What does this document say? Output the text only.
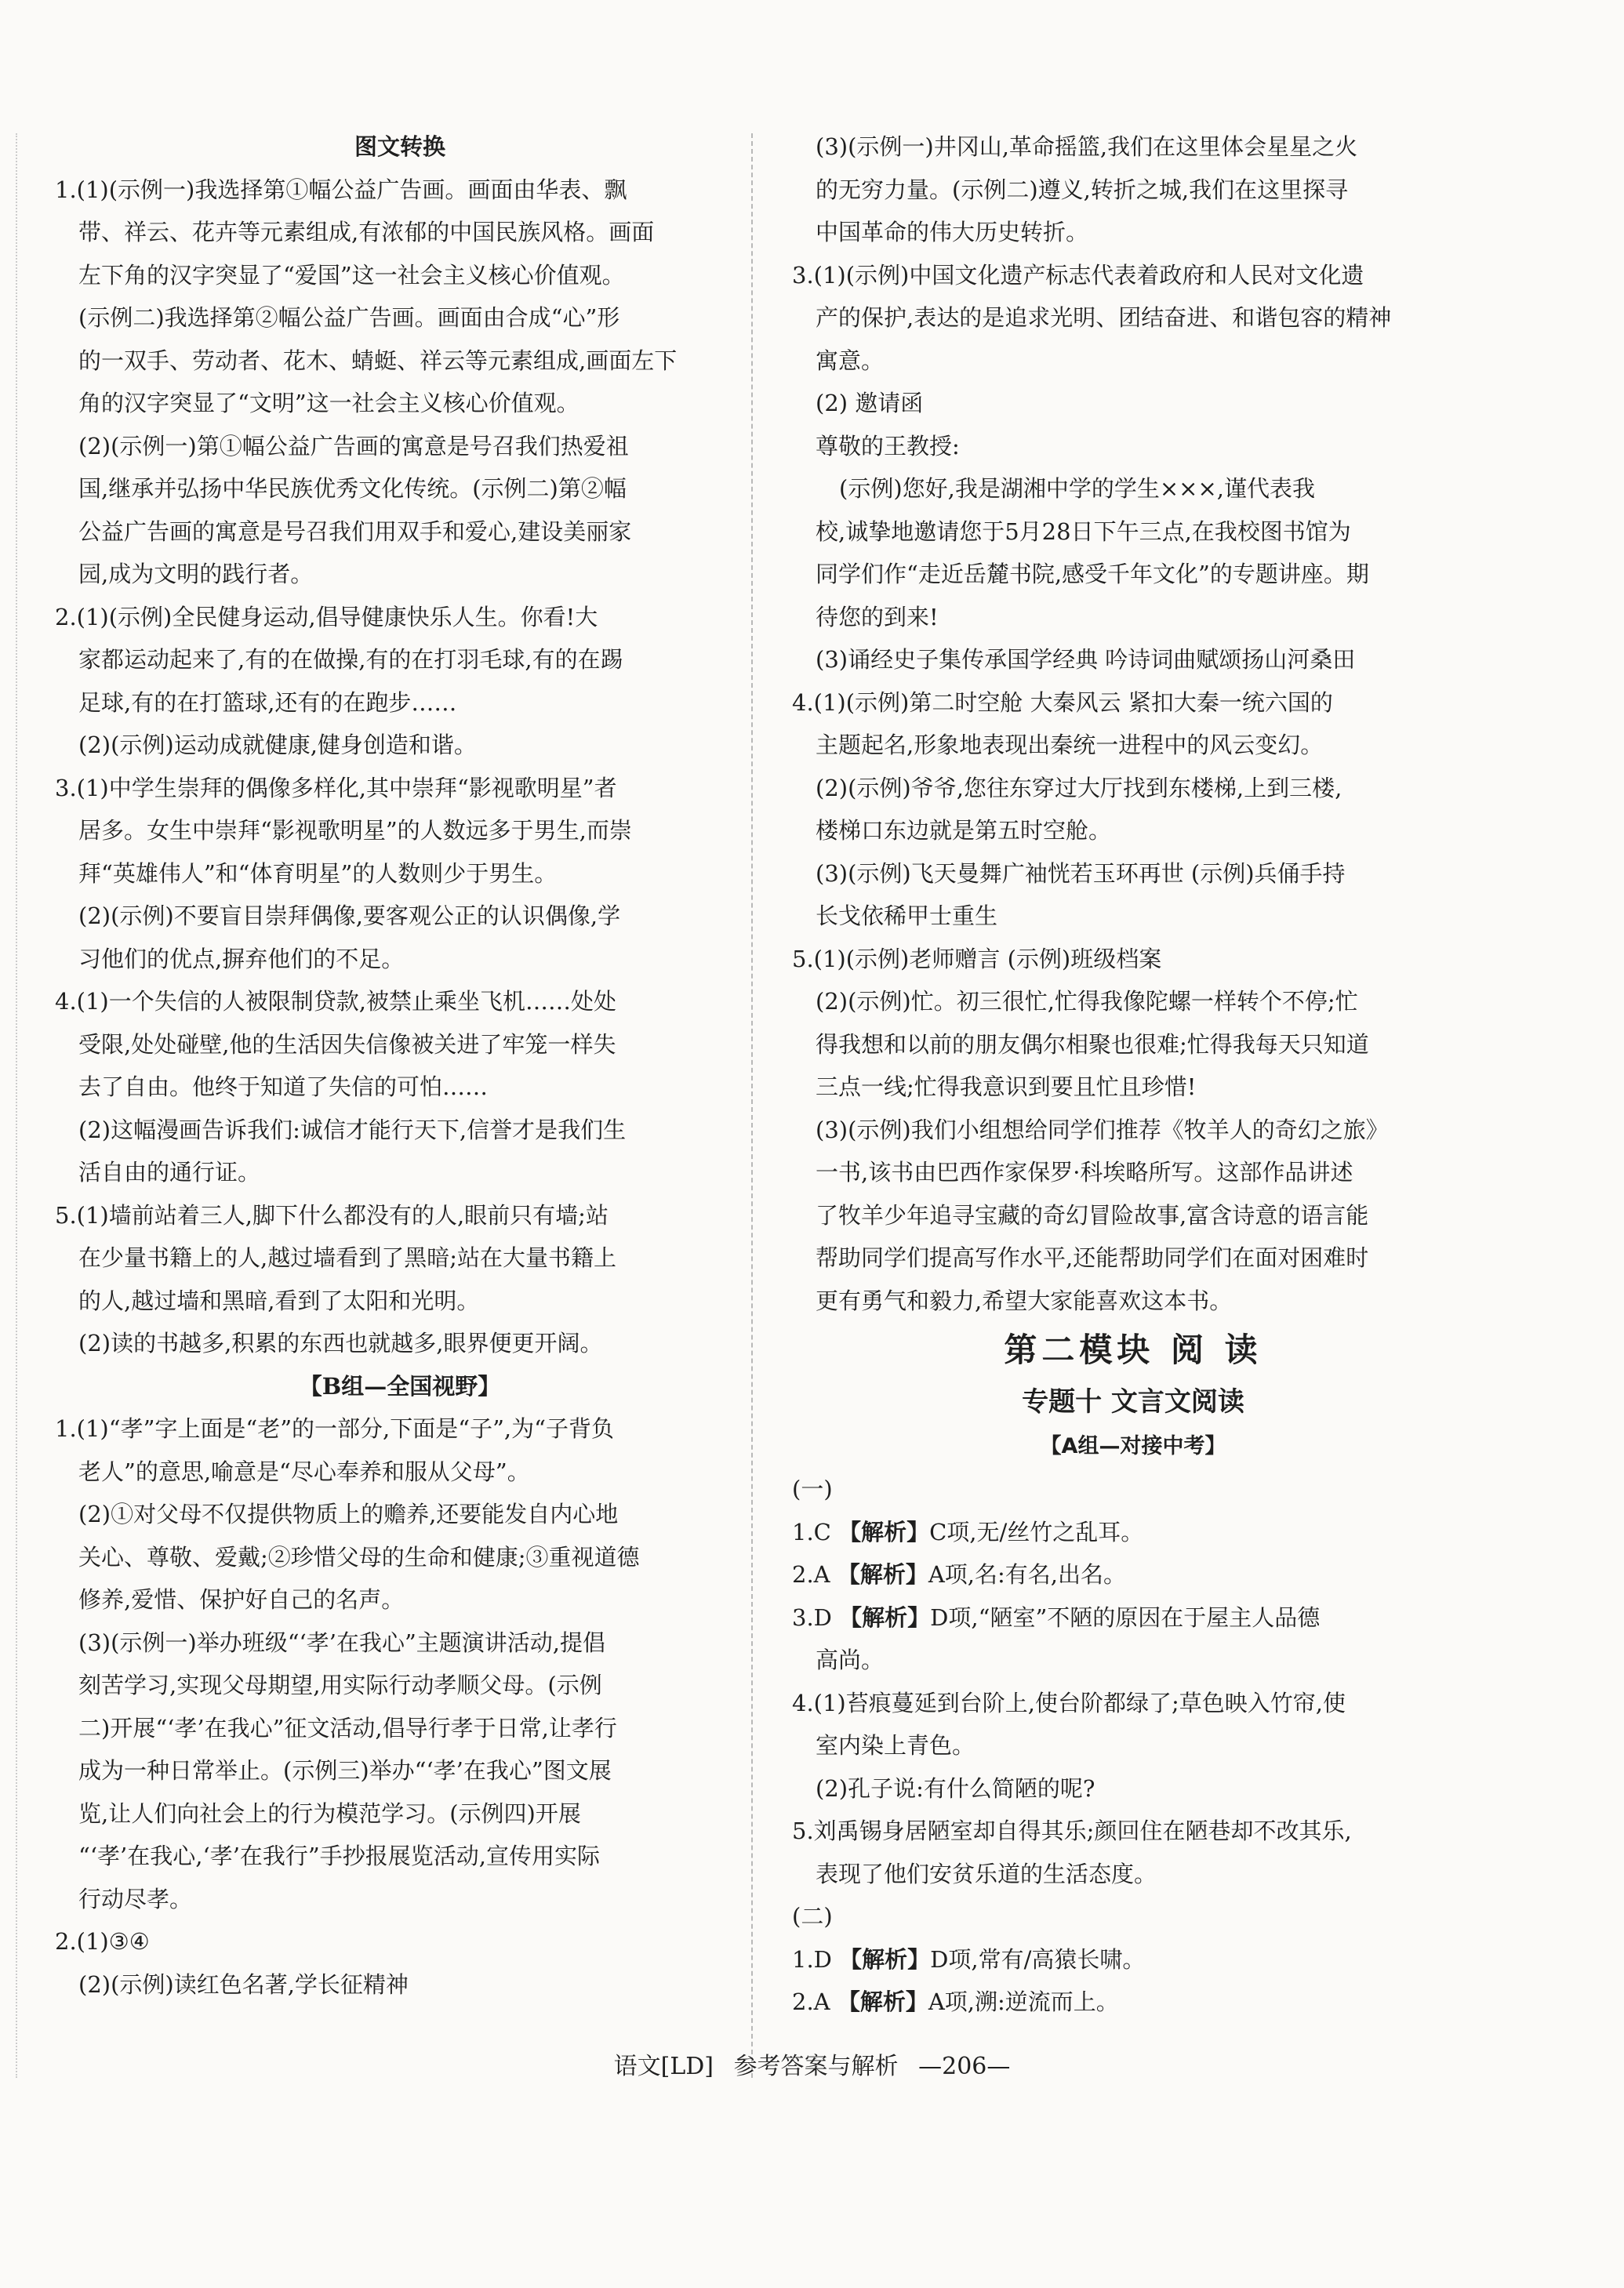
图文转换
1.(1)(示例一)我选择第①幅公益广告画。画面由华表、飘
带、祥云、花卉等元素组成,有浓郁的中国民族风格。画面
左下角的汉字突显了“爱国”这一社会主义核心价值观。
(示例二)我选择第②幅公益广告画。画面由合成“心”形
的一双手、劳动者、花木、蜻蜓、祥云等元素组成,画面左下
角的汉字突显了“文明”这一社会主义核心价值观。
(2)(示例一)第①幅公益广告画的寓意是号召我们热爱祖
国,继承并弘扬中华民族优秀文化传统。(示例二)第②幅
公益广告画的寓意是号召我们用双手和爱心,建设美丽家
园,成为文明的践行者。
2.(1)(示例)全民健身运动,倡导健康快乐人生。你看!大
家都运动起来了,有的在做操,有的在打羽毛球,有的在踢
足球,有的在打篮球,还有的在跑步……
(2)(示例)运动成就健康,健身创造和谐。
3.(1)中学生崇拜的偶像多样化,其中崇拜“影视歌明星”者
居多。女生中崇拜“影视歌明星”的人数远多于男生,而崇
拜“英雄伟人”和“体育明星”的人数则少于男生。
(2)(示例)不要盲目崇拜偶像,要客观公正的认识偶像,学
习他们的优点,摒弃他们的不足。
4.(1)一个失信的人被限制贷款,被禁止乘坐飞机……处处
受限,处处碰壁,他的生活因失信像被关进了牢笼一样失
去了自由。他终于知道了失信的可怕……
(2)这幅漫画告诉我们:诚信才能行天下,信誉才是我们生
活自由的通行证。
5.(1)墙前站着三人,脚下什么都没有的人,眼前只有墙;站
在少量书籍上的人,越过墙看到了黑暗;站在大量书籍上
的人,越过墙和黑暗,看到了太阳和光明。
(2)读的书越多,积累的东西也就越多,眼界便更开阔。
【B组—全国视野】
1.(1)“孝”字上面是“老”的一部分,下面是“子”,为“子背负
老人”的意思,喻意是“尽心奉养和服从父母”。
(2)①对父母不仅提供物质上的赡养,还要能发自内心地
关心、尊敬、爱戴;②珍惜父母的生命和健康;③重视道德
修养,爱惜、保护好自己的名声。
(3)(示例一)举办班级“‘孝’在我心”主题演讲活动,提倡
刻苦学习,实现父母期望,用实际行动孝顺父母。(示例
二)开展“‘孝’在我心”征文活动,倡导行孝于日常,让孝行
成为一种日常举止。(示例三)举办“‘孝’在我心”图文展
览,让人们向社会上的行为模范学习。(示例四)开展
“‘孝’在我心,‘孝’在我行”手抄报展览活动,宣传用实际
行动尽孝。
2.(1)③④
(2)(示例)读红色名著,学长征精神
(3)(示例一)井冈山,革命摇篮,我们在这里体会星星之火
的无穷力量。(示例二)遵义,转折之城,我们在这里探寻
中国革命的伟大历史转折。
3.(1)(示例)中国文化遗产标志代表着政府和人民对文化遗
产的保护,表达的是追求光明、团结奋进、和谐包容的精神
寓意。
(2) 邀请函
尊敬的王教授:
(示例)您好,我是湖湘中学的学生×××,谨代表我
校,诚挚地邀请您于5月28日下午三点,在我校图书馆为
同学们作“走近岳麓书院,感受千年文化”的专题讲座。期
待您的到来!
(3)诵经史子集传承国学经典 吟诗词曲赋颂扬山河桑田
4.(1)(示例)第二时空舱 大秦风云 紧扣大秦一统六国的
主题起名,形象地表现出秦统一进程中的风云变幻。
(2)(示例)爷爷,您往东穿过大厅找到东楼梯,上到三楼,
楼梯口东边就是第五时空舱。
(3)(示例)飞天曼舞广袖恍若玉环再世 (示例)兵俑手持
长戈依稀甲士重生
5.(1)(示例)老师赠言 (示例)班级档案
(2)(示例)忙。初三很忙,忙得我像陀螺一样转个不停;忙
得我想和以前的朋友偶尔相聚也很难;忙得我每天只知道
三点一线;忙得我意识到要且忙且珍惜!
(3)(示例)我们小组想给同学们推荐《牧羊人的奇幻之旅》
一书,该书由巴西作家保罗·科埃略所写。这部作品讲述
了牧羊少年追寻宝藏的奇幻冒险故事,富含诗意的语言能
帮助同学们提高写作水平,还能帮助同学们在面对困难时
更有勇气和毅力,希望大家能喜欢这本书。
第二模块 阅 读
专题十 文言文阅读
【A组—对接中考】
(一)
1.C 【解析】C项,无/丝竹之乱耳。
2.A 【解析】A项,名:有名,出名。
3.D 【解析】D项,“陋室”不陋的原因在于屋主人品德
高尚。
4.(1)苔痕蔓延到台阶上,使台阶都绿了;草色映入竹帘,使
室内染上青色。
(2)孔子说:有什么简陋的呢?
5.刘禹锡身居陋室却自得其乐;颜回住在陋巷却不改其乐,
表现了他们安贫乐道的生活态度。
(二)
1.D 【解析】D项,常有/高猿长啸。
2.A 【解析】A项,溯:逆流而上。
语文[LD] 参考答案与解析 —206—
